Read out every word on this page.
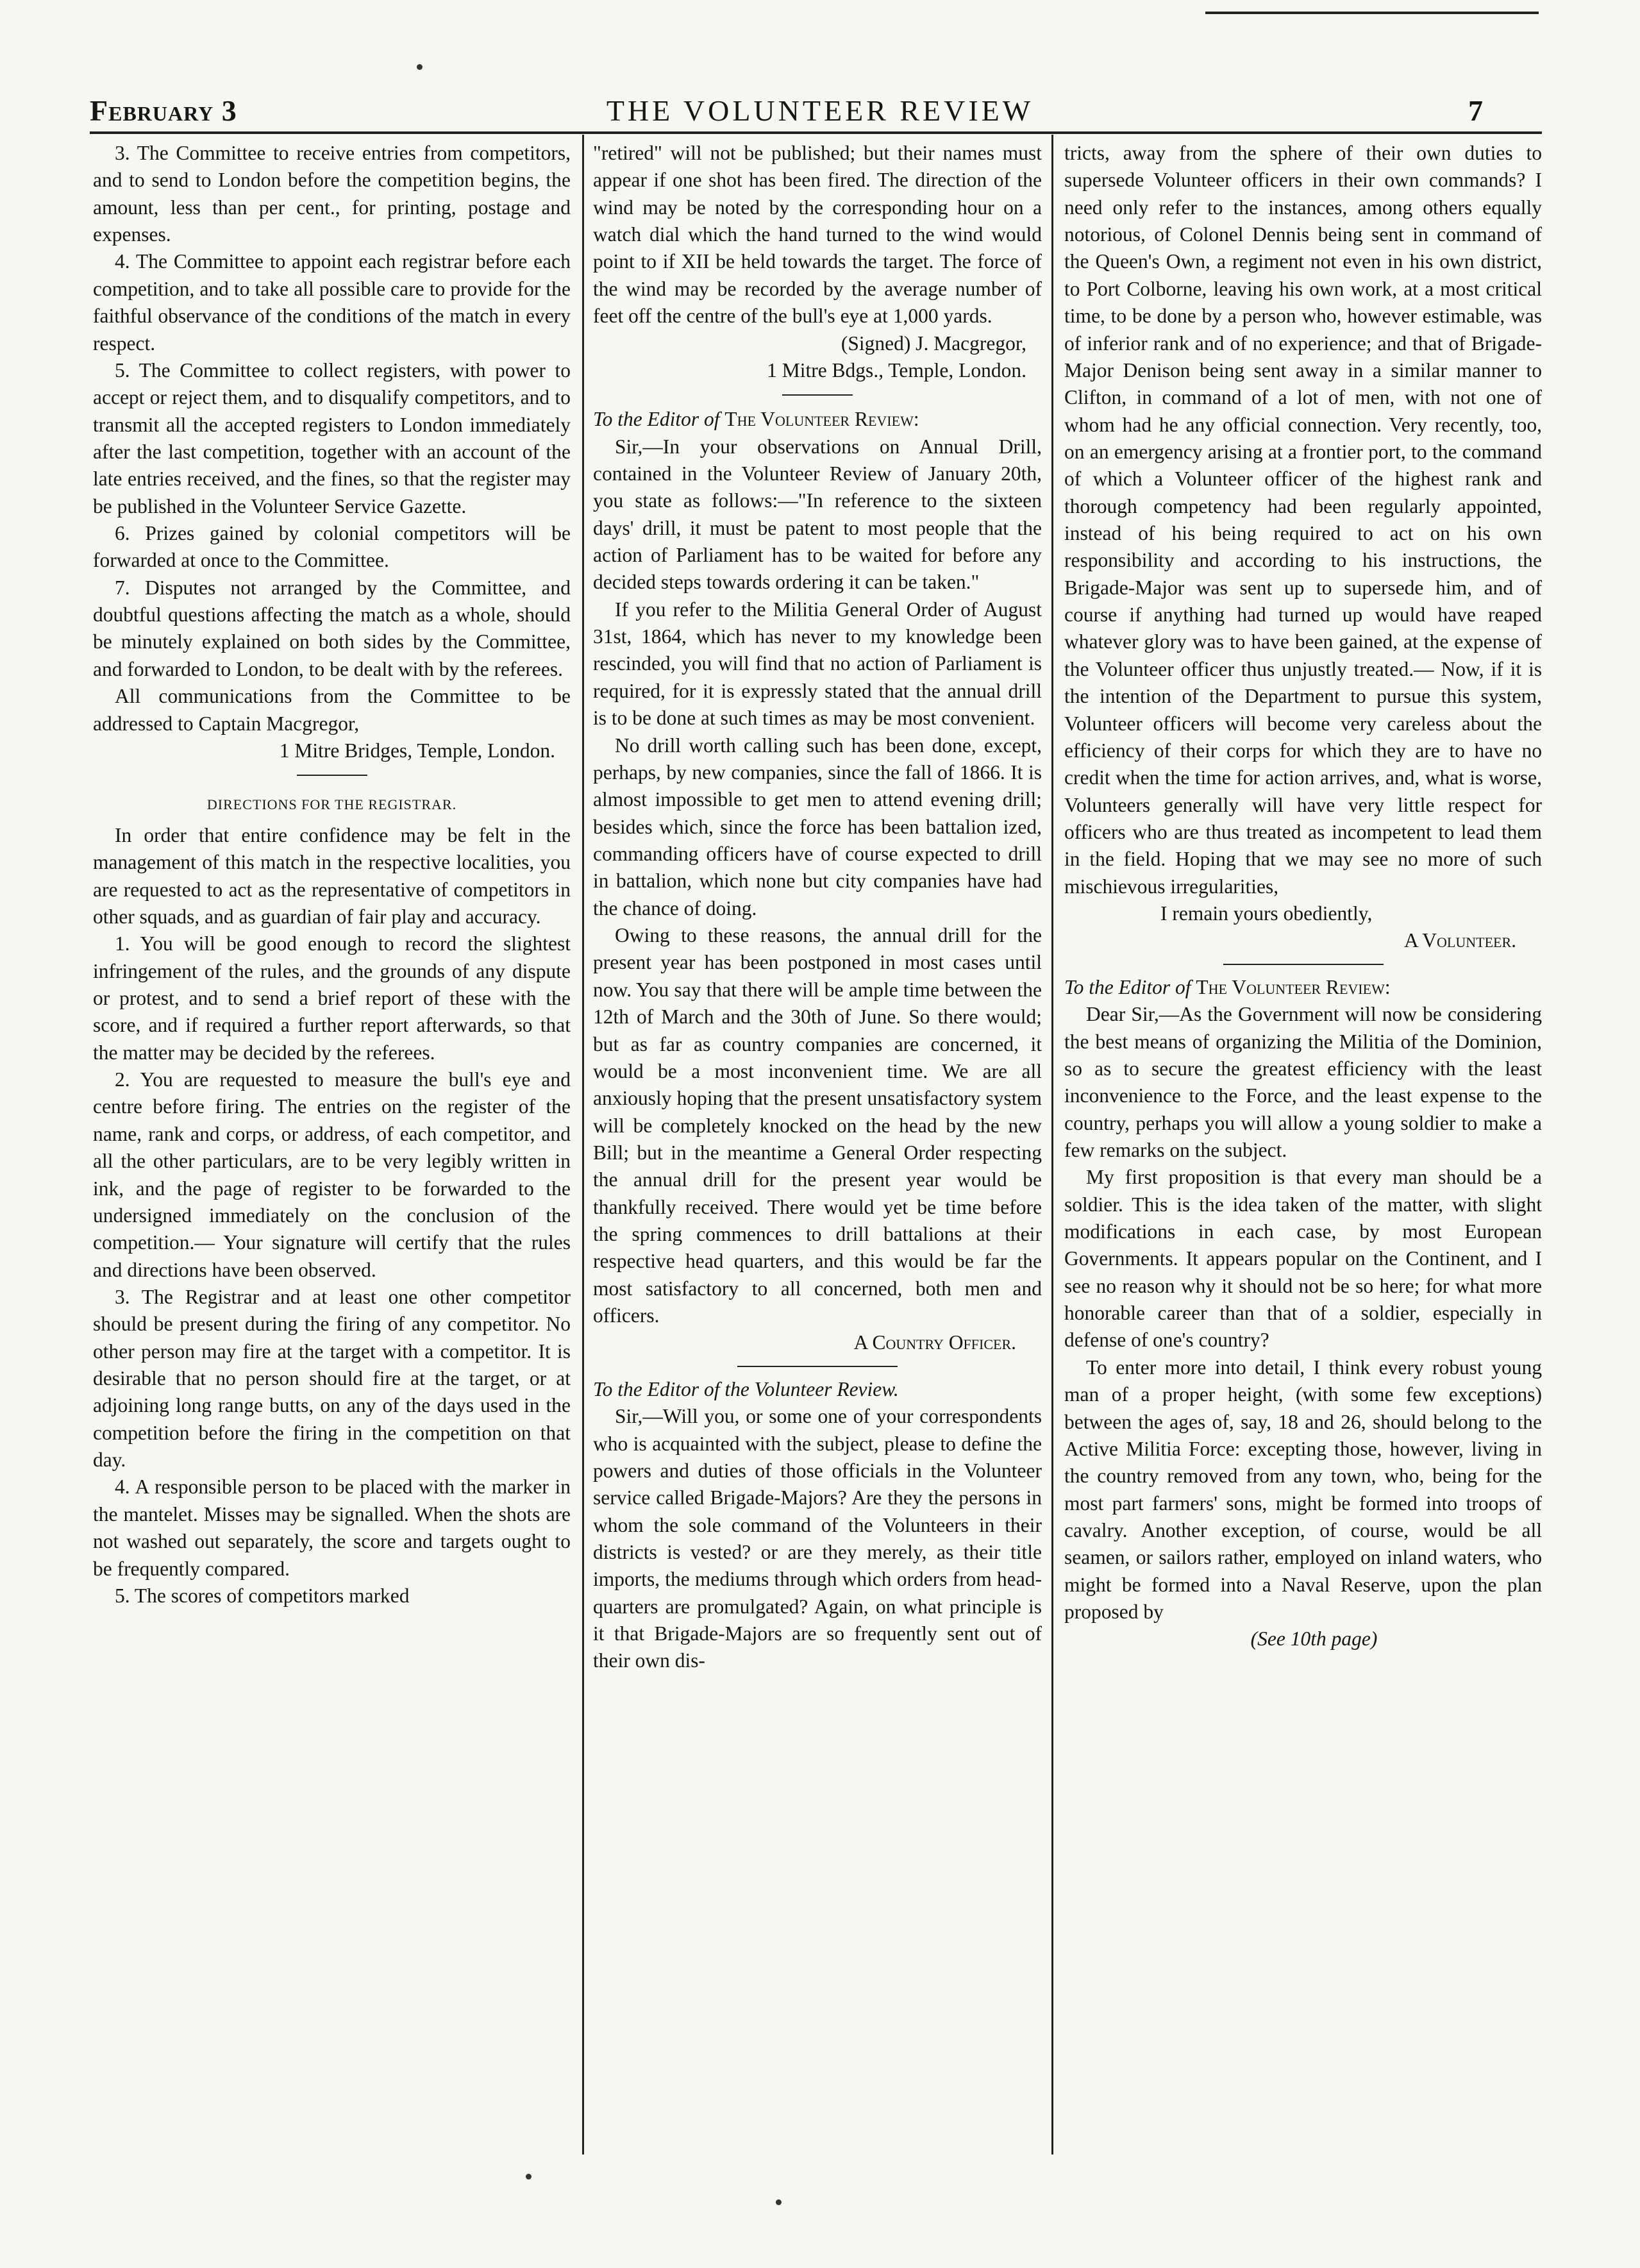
February 3	THE VOLUNTEER REVIEW	7

3. The Committee to receive entries from competitors, and to send to London before the competition begins, the amount, less than per cent., for printing, postage and expenses.

4. The Committee to appoint each registrar before each competition, and to take all possible care to provide for the faithful observance of the conditions of the match in every respect.

5. The Committee to collect registers, with power to accept or reject them, and to disqualify competitors, and to transmit all the accepted registers to London immediately after the last competition, together with an account of the late entries received, and the fines, so that the register may be published in the Volunteer Service Gazette.

6. Prizes gained by colonial competitors will be forwarded at once to the Committee.

7. Disputes not arranged by the Committee, and doubtful questions affecting the match as a whole, should be minutely explained on both sides by the Committee, and forwarded to London, to be dealt with by the referees.

All communications from the Committee to be addressed to Captain Macgregor,

1 Mitre Bridges, Temple, London.

DIRECTIONS FOR THE REGISTRAR.

In order that entire confidence may be felt in the management of this match in the respective localities, you are requested to act as the representative of competitors in other squads, and as guardian of fair play and accuracy.

1. You will be good enough to record the slightest infringement of the rules, and the grounds of any dispute or protest, and to send a brief report of these with the score, and if required a further report afterwards, so that the matter may be decided by the referees.

2. You are requested to measure the bull's eye and centre before firing. The entries on the register of the name, rank and corps, or address, of each competitor, and all the other particulars, are to be very legibly written in ink, and the page of register to be forwarded to the undersigned immediately on the conclusion of the competition.— Your signature will certify that the rules and directions have been observed.

3. The Registrar and at least one other competitor should be present during the firing of any competitor. No other person may fire at the target with a competitor. It is desirable that no person should fire at the target, or at adjoining long range butts, on any of the days used in the competition before the firing in the competition on that day.

4. A responsible person to be placed with the marker in the mantelet. Misses may be signalled. When the shots are not washed out separately, the score and targets ought to be frequently compared.

5. The scores of competitors marked

"retired" will not be published; but their names must appear if one shot has been fired. The direction of the wind may be noted by the corresponding hour on a watch dial which the hand turned to the wind would point to if XII be held towards the target. The force of the wind may be recorded by the average number of feet off the centre of the bull's eye at 1,000 yards.

(Signed) J. Macgregor,

1 Mitre Bdgs., Temple, London.

To the Editor of The Volunteer Review:

Sir,—In your observations on Annual Drill, contained in the Volunteer Review of January 20th, you state as follows:—"In reference to the sixteen days' drill, it must be patent to most people that the action of Parliament has to be waited for before any decided steps towards ordering it can be taken."

If you refer to the Militia General Order of August 31st, 1864, which has never to my knowledge been rescinded, you will find that no action of Parliament is required, for it is expressly stated that the annual drill is to be done at such times as may be most convenient.

No drill worth calling such has been done, except, perhaps, by new companies, since the fall of 1866. It is almost impossible to get men to attend evening drill; besides which, since the force has been battalion ized, commanding officers have of course expected to drill in battalion, which none but city companies have had the chance of doing.

Owing to these reasons, the annual drill for the present year has been postponed in most cases until now. You say that there will be ample time between the 12th of March and the 30th of June. So there would; but as far as country companies are concerned, it would be a most inconvenient time. We are all anxiously hoping that the present unsatisfactory system will be completely knocked on the head by the new Bill; but in the meantime a General Order respecting the annual drill for the present year would be thankfully received. There would yet be time before the spring commences to drill battalions at their respective head quarters, and this would be far the most satisfactory to all concerned, both men and officers.

A Country Officer.

To the Editor of the Volunteer Review.

Sir,—Will you, or some one of your correspondents who is acquainted with the subject, please to define the powers and duties of those officials in the Volunteer service called Brigade-Majors? Are they the persons in whom the sole command of the Volunteers in their districts is vested? or are they merely, as their title imports, the mediums through which orders from head-quarters are promulgated? Again, on what principle is it that Brigade-Majors are so frequently sent out of their own dis-

tricts, away from the sphere of their own duties to supersede Volunteer officers in their own commands? I need only refer to the instances, among others equally notorious, of Colonel Dennis being sent in command of the Queen's Own, a regiment not even in his own district, to Port Colborne, leaving his own work, at a most critical time, to be done by a person who, however estimable, was of inferior rank and of no experience; and that of Brigade-Major Denison being sent away in a similar manner to Clifton, in command of a lot of men, with not one of whom had he any official connection. Very recently, too, on an emergency arising at a frontier port, to the command of which a Volunteer officer of the highest rank and thorough competency had been regularly appointed, instead of his being required to act on his own responsibility and according to his instructions, the Brigade-Major was sent up to supersede him, and of course if anything had turned up would have reaped whatever glory was to have been gained, at the expense of the Volunteer officer thus unjustly treated.— Now, if it is the intention of the Department to pursue this system, Volunteer officers will become very careless about the efficiency of their corps for which they are to have no credit when the time for action arrives, and, what is worse, Volunteers generally will have very little respect for officers who are thus treated as incompetent to lead them in the field. Hoping that we may see no more of such mischievous irregularities,

I remain yours obediently,

A Volunteer.

To the Editor of The Volunteer Review:

Dear Sir,—As the Government will now be considering the best means of organizing the Militia of the Dominion, so as to secure the greatest efficiency with the least inconvenience to the Force, and the least expense to the country, perhaps you will allow a young soldier to make a few remarks on the subject.

My first proposition is that every man should be a soldier. This is the idea taken of the matter, with slight modifications in each case, by most European Governments. It appears popular on the Continent, and I see no reason why it should not be so here; for what more honorable career than that of a soldier, especially in defense of one's country?

To enter more into detail, I think every robust young man of a proper height, (with some few exceptions) between the ages of, say, 18 and 26, should belong to the Active Militia Force: excepting those, however, living in the country removed from any town, who, being for the most part farmers' sons, might be formed into troops of cavalry. Another exception, of course, would be all seamen, or sailors rather, employed on inland waters, who might be formed into a Naval Reserve, upon the plan proposed by

(See 10th page)
